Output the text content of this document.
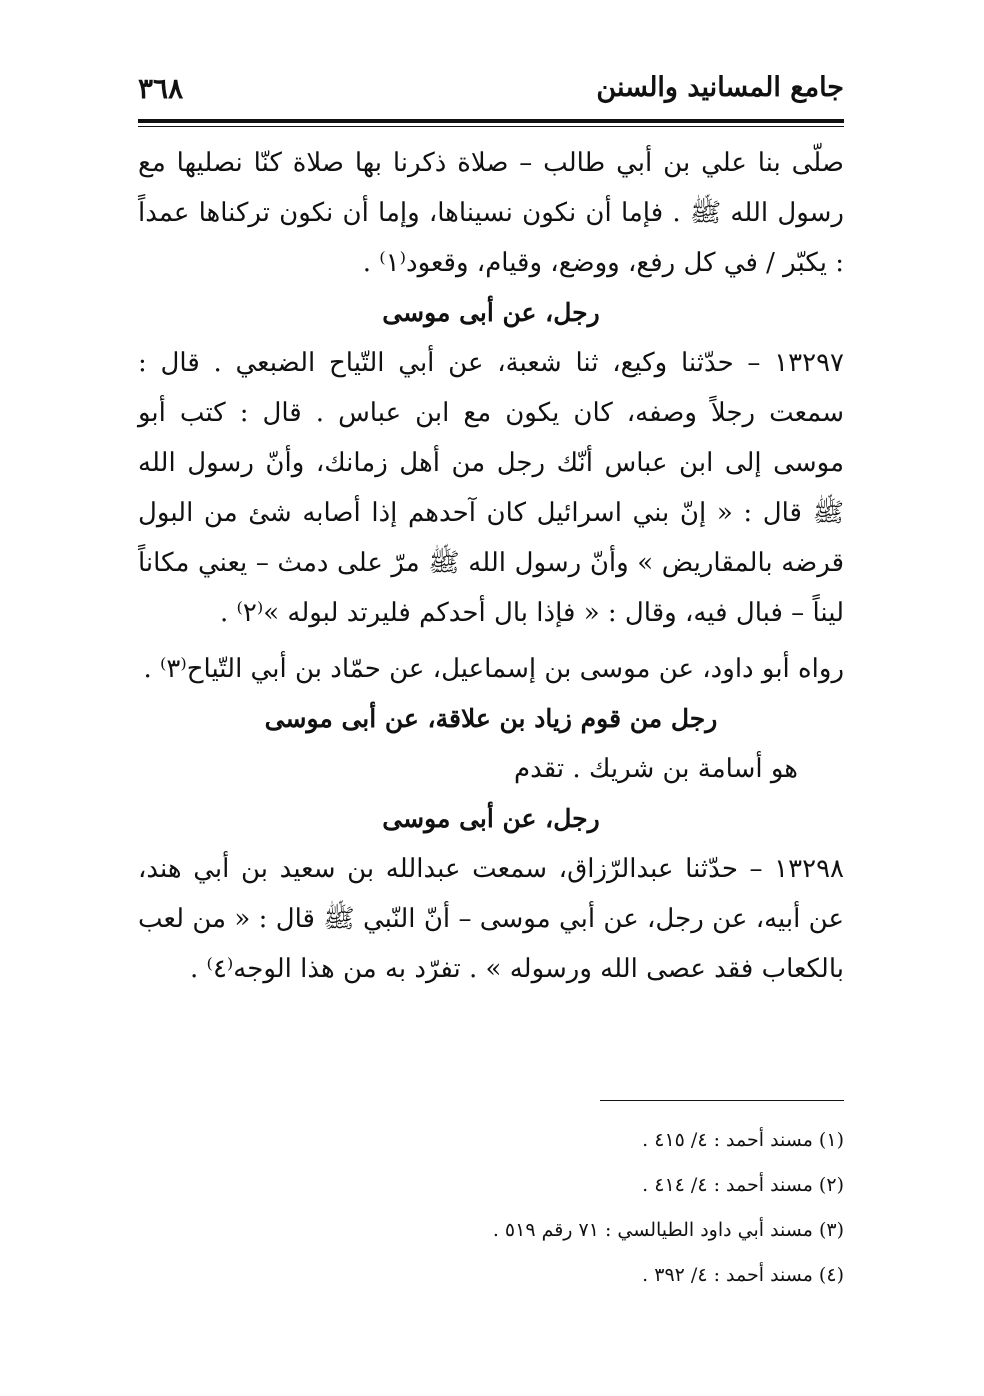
جامع المسانيد والسنن
٣٦٨

صلّى بنا علي بن أبي طالب – صلاة ذكرنا بها صلاة كنّا نصليها مع رسول الله ﷺ . فإما أن نكون نسيناها، وإما أن نكون تركناها عمداً : يكبّر / في كل رفع، ووضع، وقيام، وقعود⁽١⁾ .

رجل، عن أبى موسى

١٣٢٩٧ – حدّثنا وكيع، ثنا شعبة، عن أبي التّياح الضبعي . قال : سمعت رجلاً وصفه، كان يكون مع ابن عباس . قال : كتب أبو موسى إلى ابن عباس أنّك رجل من أهل زمانك، وأنّ رسول الله ﷺ قال : « إنّ بني اسرائيل كان آحدهم إذا أصابه شئ من البول قرضه بالمقاريض » وأنّ رسول الله ﷺ مرّ على دمث – يعني مكاناً ليناً – فبال فيه، وقال : « فإذا بال أحدكم فليرتد لبوله »⁽٢⁾ .

رواه أبو داود، عن موسى بن إسماعيل، عن حمّاد بن أبي التّياح⁽٣⁾ .

رجل من قوم زياد بن علاقة، عن أبى موسى

هو أسامة بن شريك . تقدم

رجل، عن أبى موسى

١٣٢٩٨ – حدّثنا عبدالرّزاق، سمعت عبدالله بن سعيد بن أبي هند، عن أبيه، عن رجل، عن أبي موسى – أنّ النّبي ﷺ قال : « من لعب بالكعاب فقد عصى الله ورسوله » . تفرّد به من هذا الوجه⁽٤⁾ .

(١) مسند أحمد : ٤/ ٤١٥ .

(٢) مسند أحمد : ٤/ ٤١٤ .

(٣) مسند أبي داود الطيالسي : ٧١ رقم ٥١٩ .

(٤) مسند أحمد : ٤/ ٣٩٢ .
